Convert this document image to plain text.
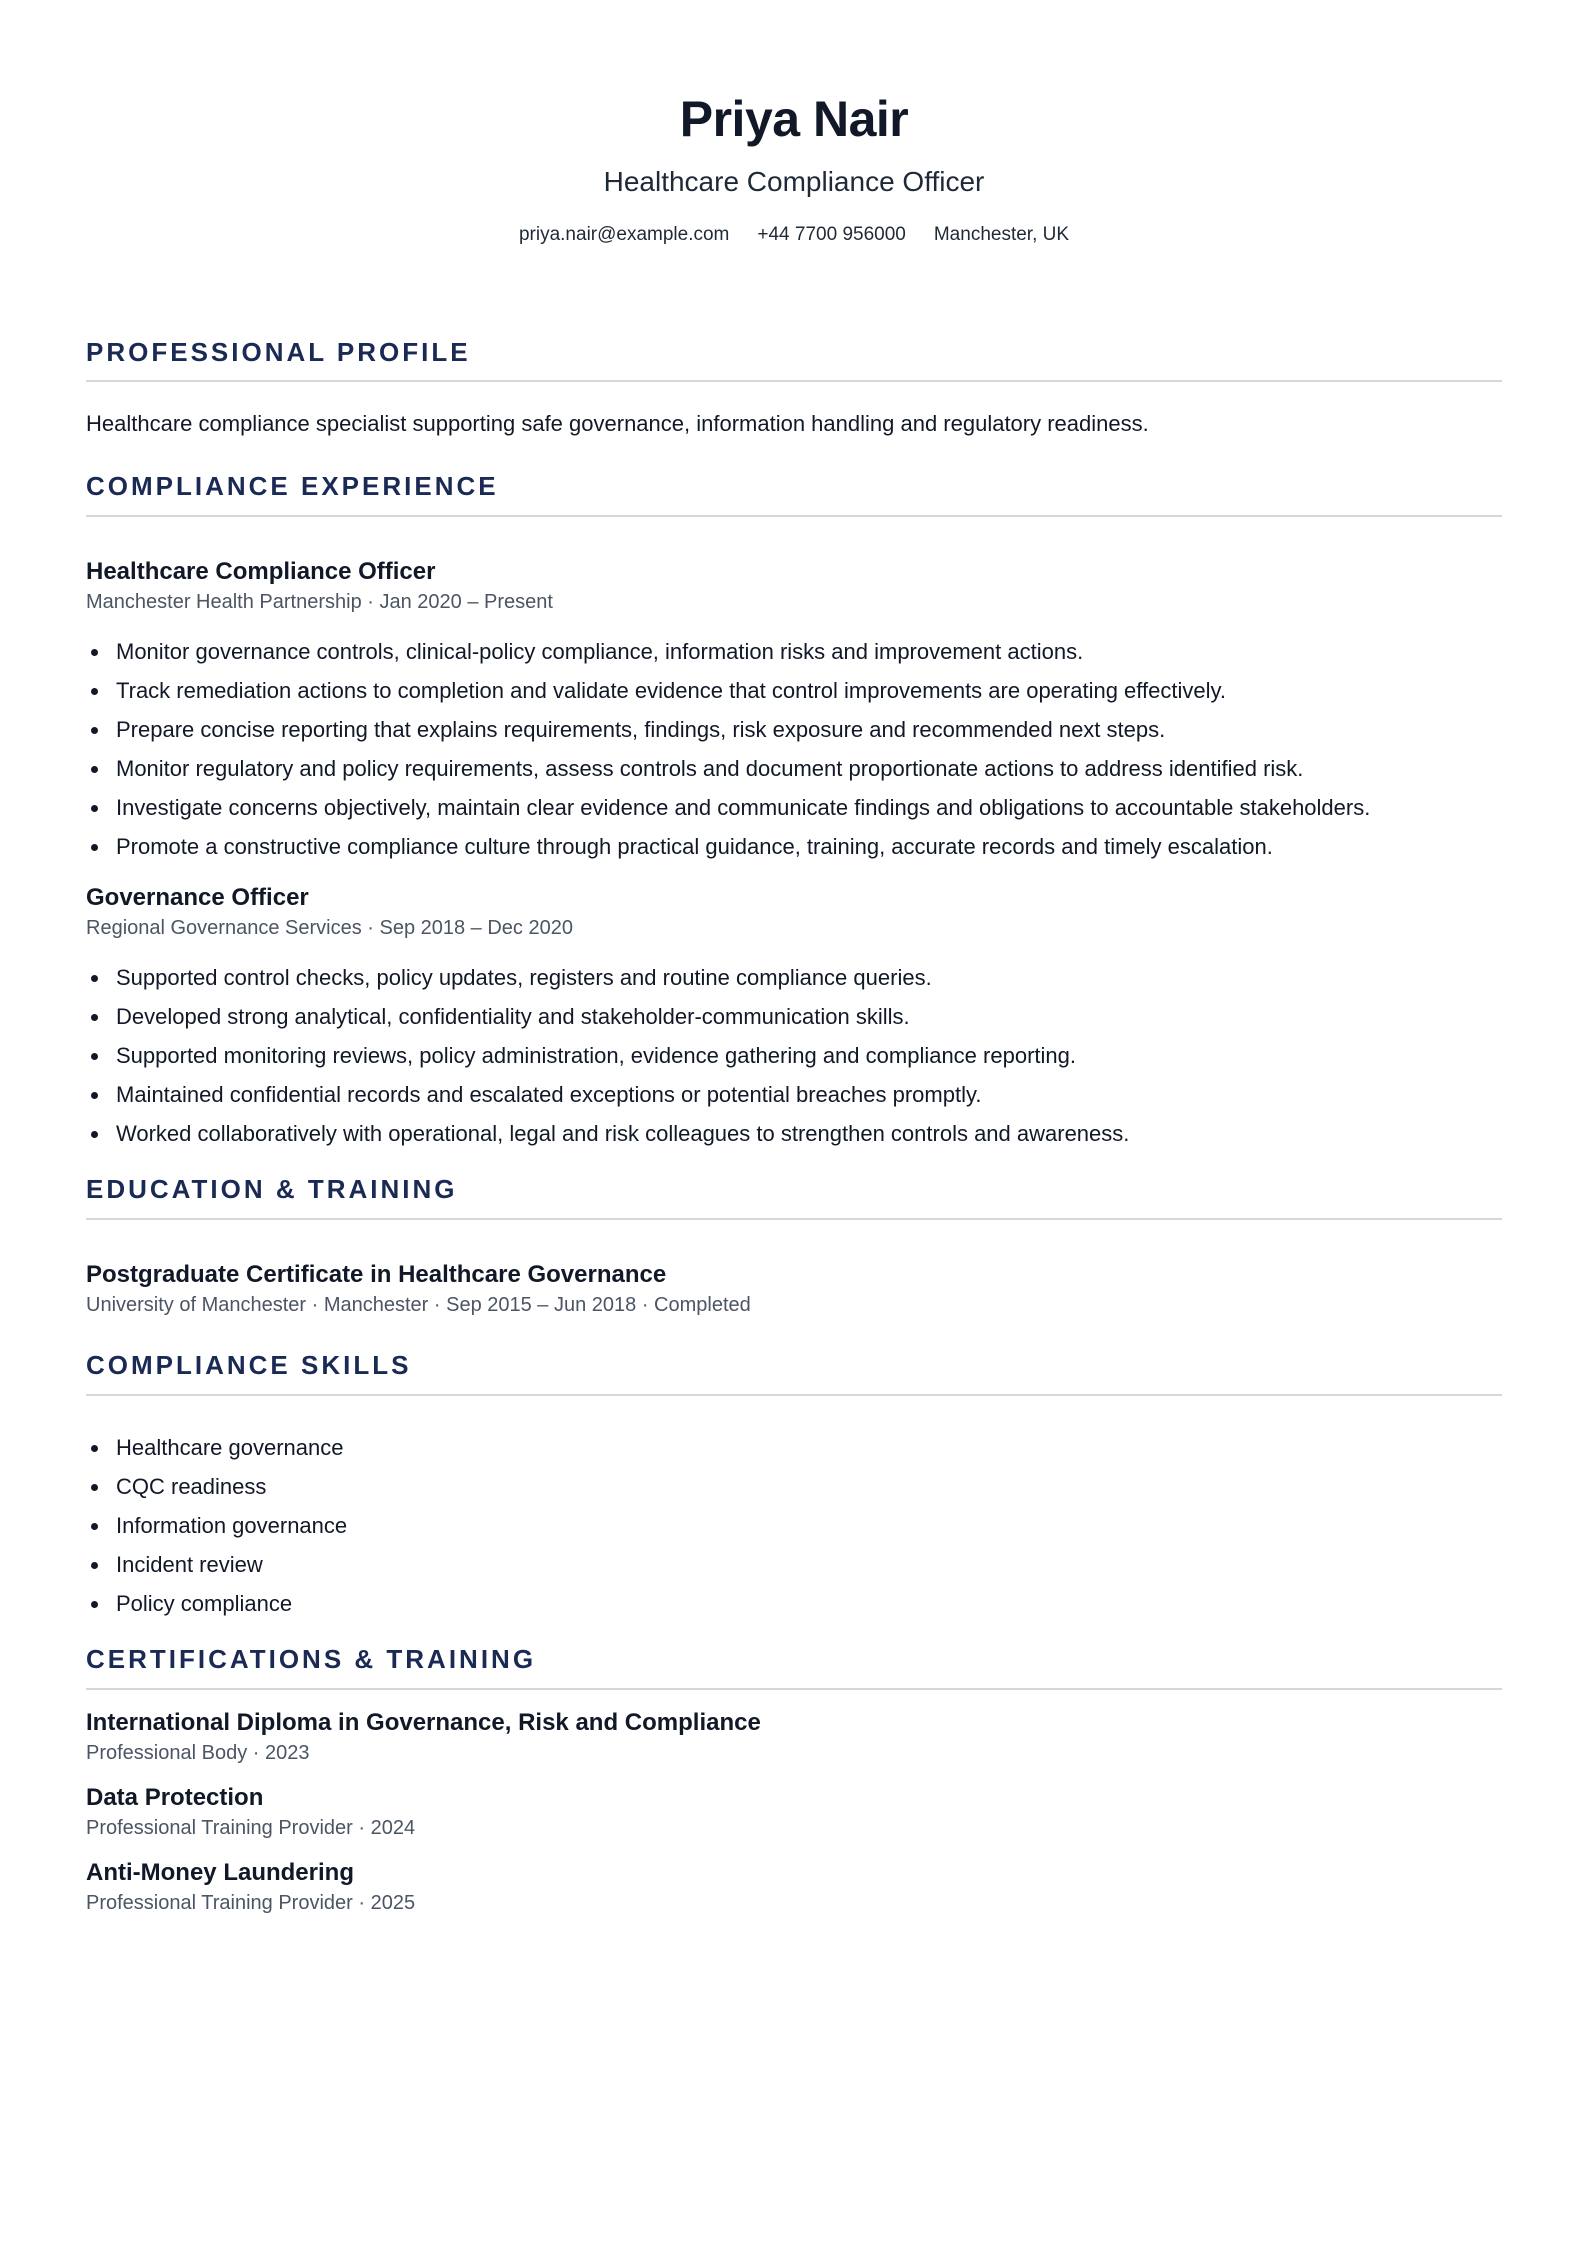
Priya Nair
Healthcare Compliance Officer
priya.nair@example.com +44 7700 956000 Manchester, UK
PROFESSIONAL PROFILE
Healthcare compliance specialist supporting safe governance, information handling and regulatory readiness.
COMPLIANCE EXPERIENCE
Healthcare Compliance Officer
Manchester Health Partnership · Jan 2020 – Present
Monitor governance controls, clinical-policy compliance, information risks and improvement actions.
Track remediation actions to completion and validate evidence that control improvements are operating effectively.
Prepare concise reporting that explains requirements, findings, risk exposure and recommended next steps.
Monitor regulatory and policy requirements, assess controls and document proportionate actions to address identified risk.
Investigate concerns objectively, maintain clear evidence and communicate findings and obligations to accountable stakeholders.
Promote a constructive compliance culture through practical guidance, training, accurate records and timely escalation.
Governance Officer
Regional Governance Services · Sep 2018 – Dec 2020
Supported control checks, policy updates, registers and routine compliance queries.
Developed strong analytical, confidentiality and stakeholder-communication skills.
Supported monitoring reviews, policy administration, evidence gathering and compliance reporting.
Maintained confidential records and escalated exceptions or potential breaches promptly.
Worked collaboratively with operational, legal and risk colleagues to strengthen controls and awareness.
EDUCATION & TRAINING
Postgraduate Certificate in Healthcare Governance
University of Manchester · Manchester · Sep 2015 – Jun 2018 · Completed
COMPLIANCE SKILLS
Healthcare governance
CQC readiness
Information governance
Incident review
Policy compliance
CERTIFICATIONS & TRAINING
International Diploma in Governance, Risk and Compliance
Professional Body · 2023
Data Protection
Professional Training Provider · 2024
Anti-Money Laundering
Professional Training Provider · 2025
